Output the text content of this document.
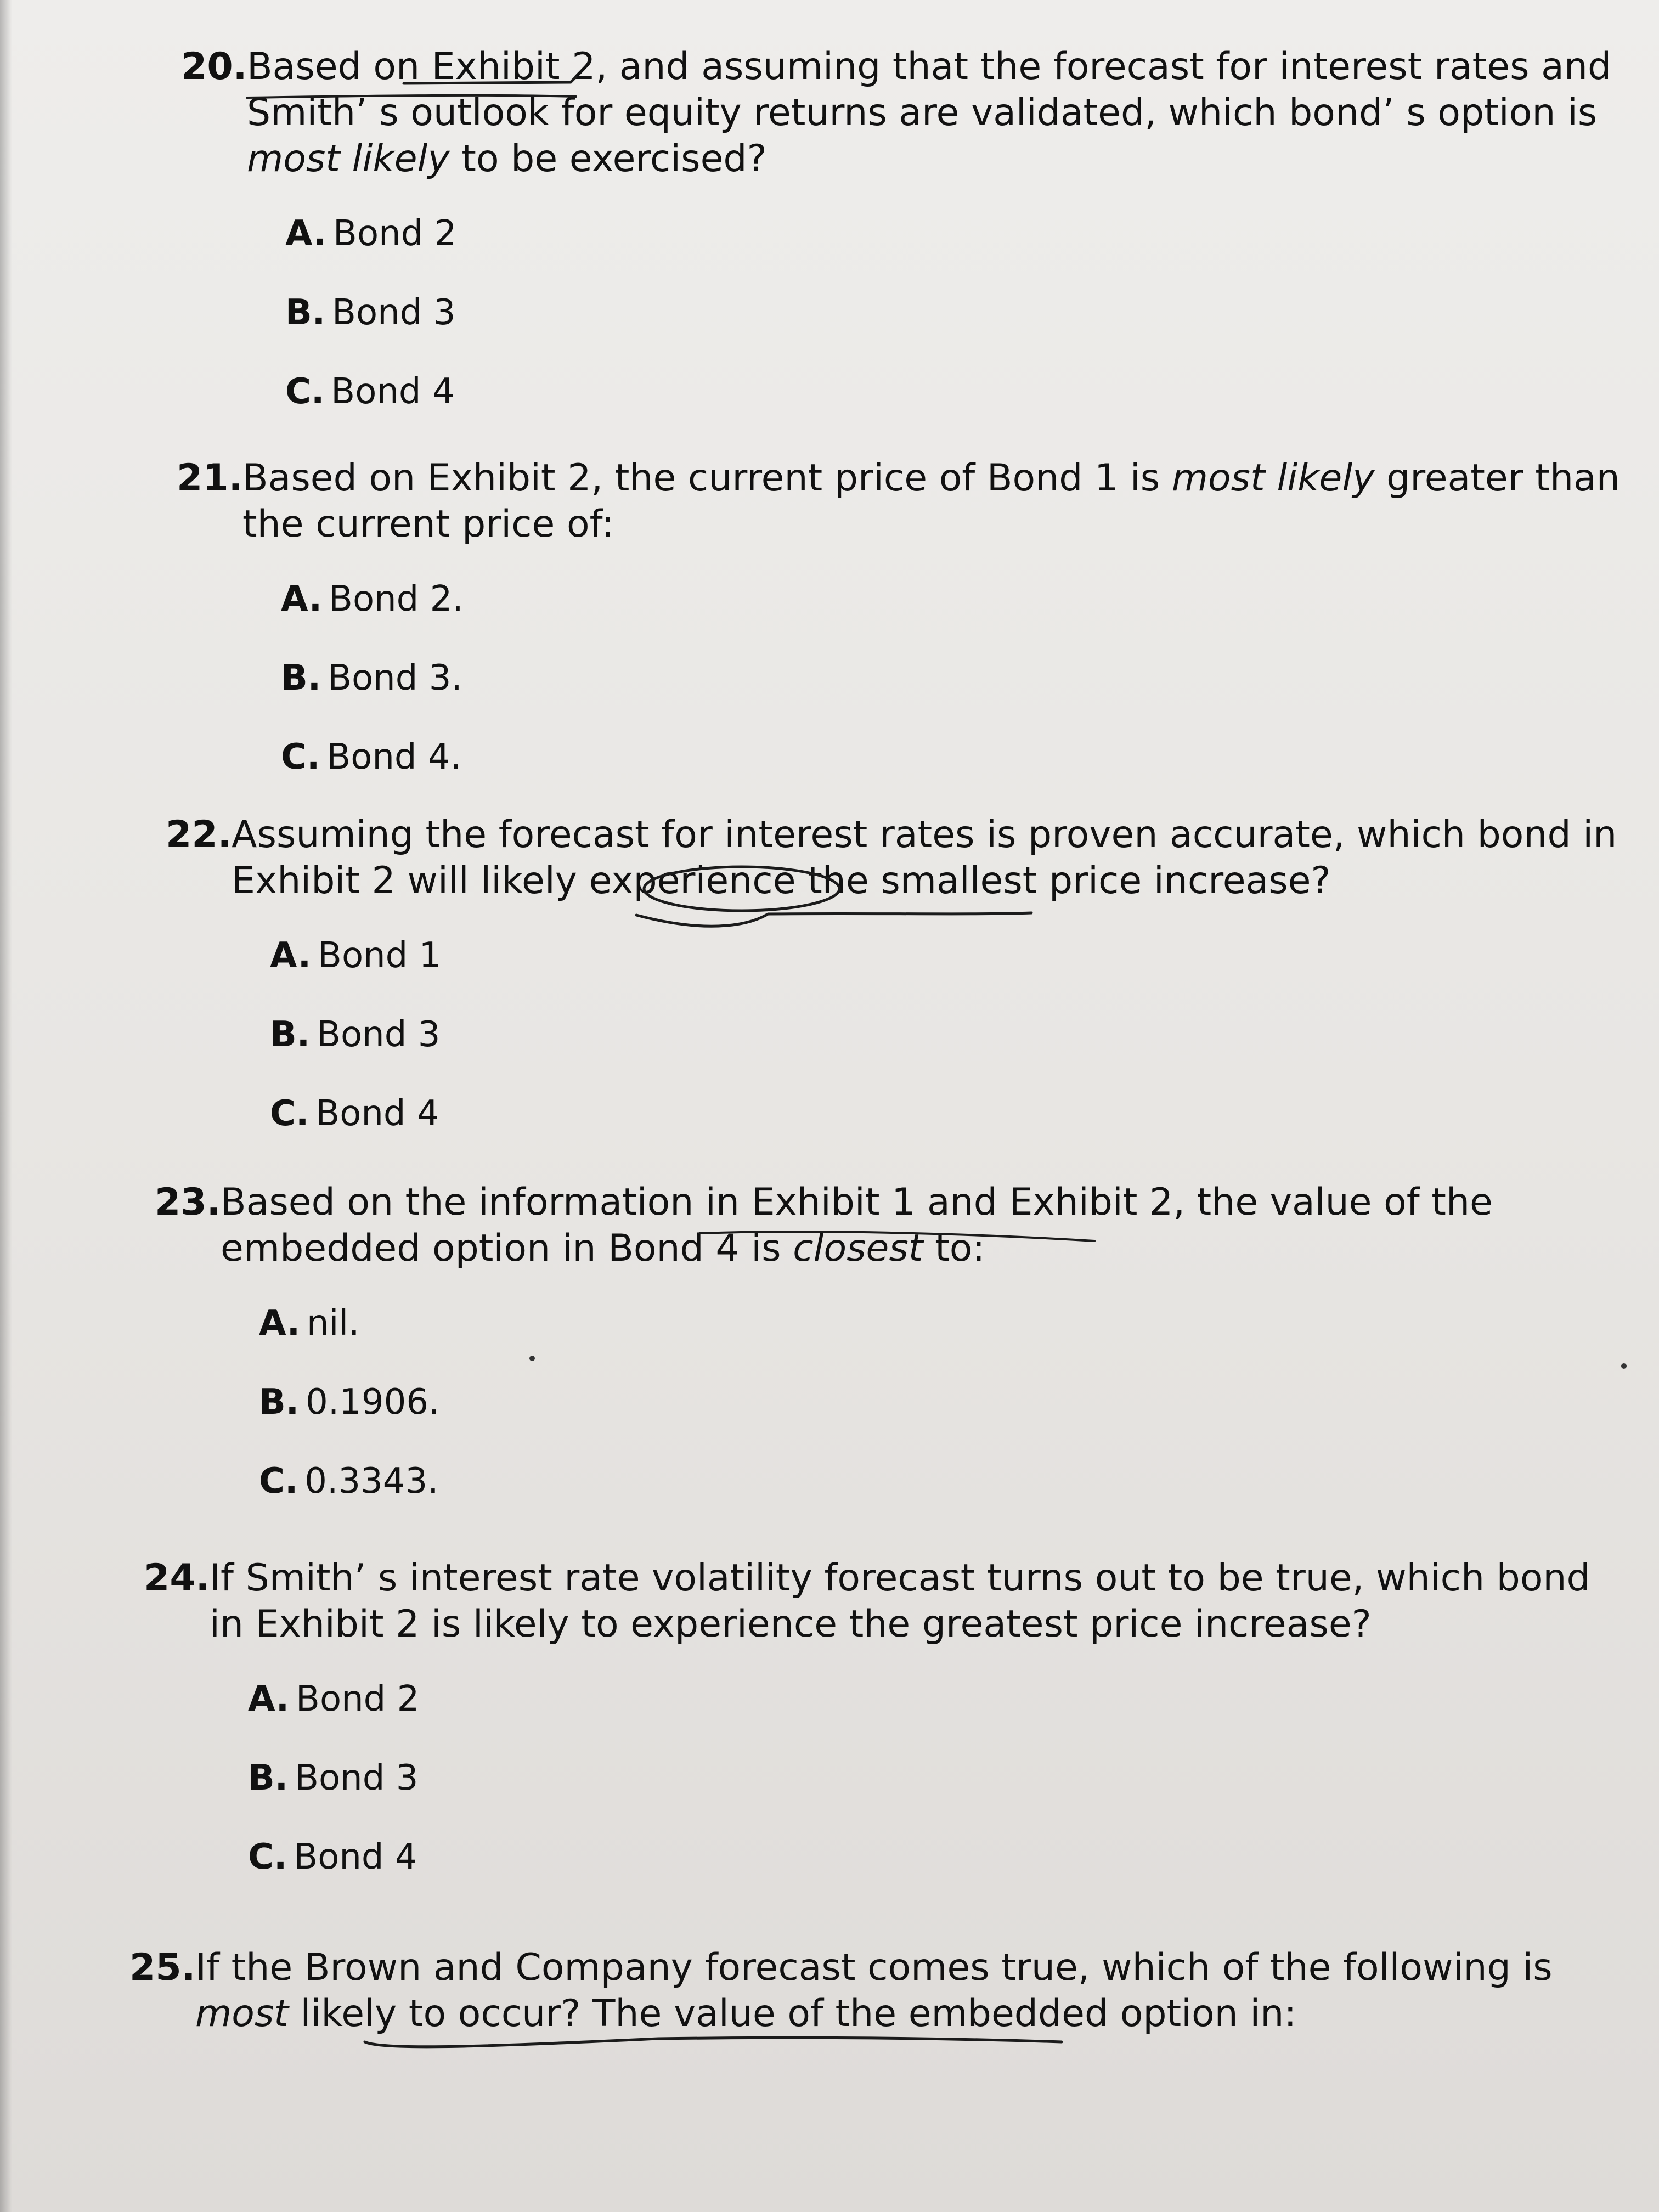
20. Based on Exhibit 2, and assuming that the forecast for interest rates and Smith’ s outlook for equity returns are validated, which bond’ s option is most likely to be exercised?

A. Bond 2
B. Bond 3
C. Bond 4

21. Based on Exhibit 2, the current price of Bond 1 is most likely greater than the current price of:

A. Bond 2.
B. Bond 3.
C. Bond 4.

22. Assuming the forecast for interest rates is proven accurate, which bond in Exhibit 2 will likely experience the smallest price increase?

A. Bond 1
B. Bond 3
C. Bond 4

23. Based on the information in Exhibit 1 and Exhibit 2, the value of the embedded option in Bond 4 is closest to:

A. nil.
B. 0.1906.
C. 0.3343.

24. If Smith’ s interest rate volatility forecast turns out to be true, which bond in Exhibit 2 is likely to experience the greatest price increase?

A. Bond 2
B. Bond 3
C. Bond 4

25. If the Brown and Company forecast comes true, which of the following is most likely to occur? The value of the embedded option in:
